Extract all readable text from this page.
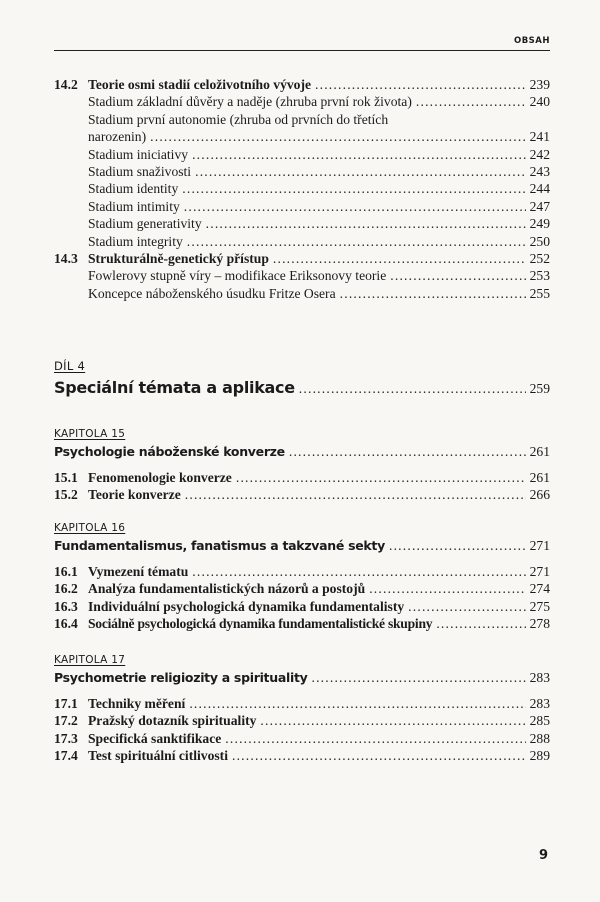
OBSAH
14.2 Teorie osmi stadií celoživotního vývoje . . .	239
Stadium základní důvěry a naděje (zhruba první rok života) . . .	240
Stadium první autonomie (zhruba od prvních do třetích
narozenin) . . .	241
Stadium iniciativy . . .	242
Stadium snaživosti . . .	243
Stadium identity . . .	244
Stadium intimity . . .	247
Stadium generativity . . .	249
Stadium integrity . . .	250
14.3 Strukturálně-genetický přístup . . .	252
Fowlerovy stupně víry – modifikace Eriksonovy teorie . . .	253
Koncepce náboženského úsudku Fritze Osera . . .	255
DÍL 4
Speciální témata a aplikace . . .	259
KAPITOLA 15
Psychologie náboženské konverze . . .	261
15.1 Fenomenologie konverze . . .	261
15.2 Teorie konverze . . .	266
KAPITOLA 16
Fundamentalismus, fanatismus a takzvané sekty . . .	271
16.1 Vymezení tématu . . .	271
16.2 Analýza fundamentalistických názorů a postojů . . .	274
16.3 Individuální psychologická dynamika fundamentalisty . . .	275
16.4 Sociálně psychologická dynamika fundamentalistické skupiny . . .	278
KAPITOLA 17
Psychometrie religiozity a spirituality . . .	283
17.1 Techniky měření . . .	283
17.2 Pražský dotazník spirituality . . .	285
17.3 Specifická sanktifikace . . .	288
17.4 Test spirituální citlivosti . . .	289
9
